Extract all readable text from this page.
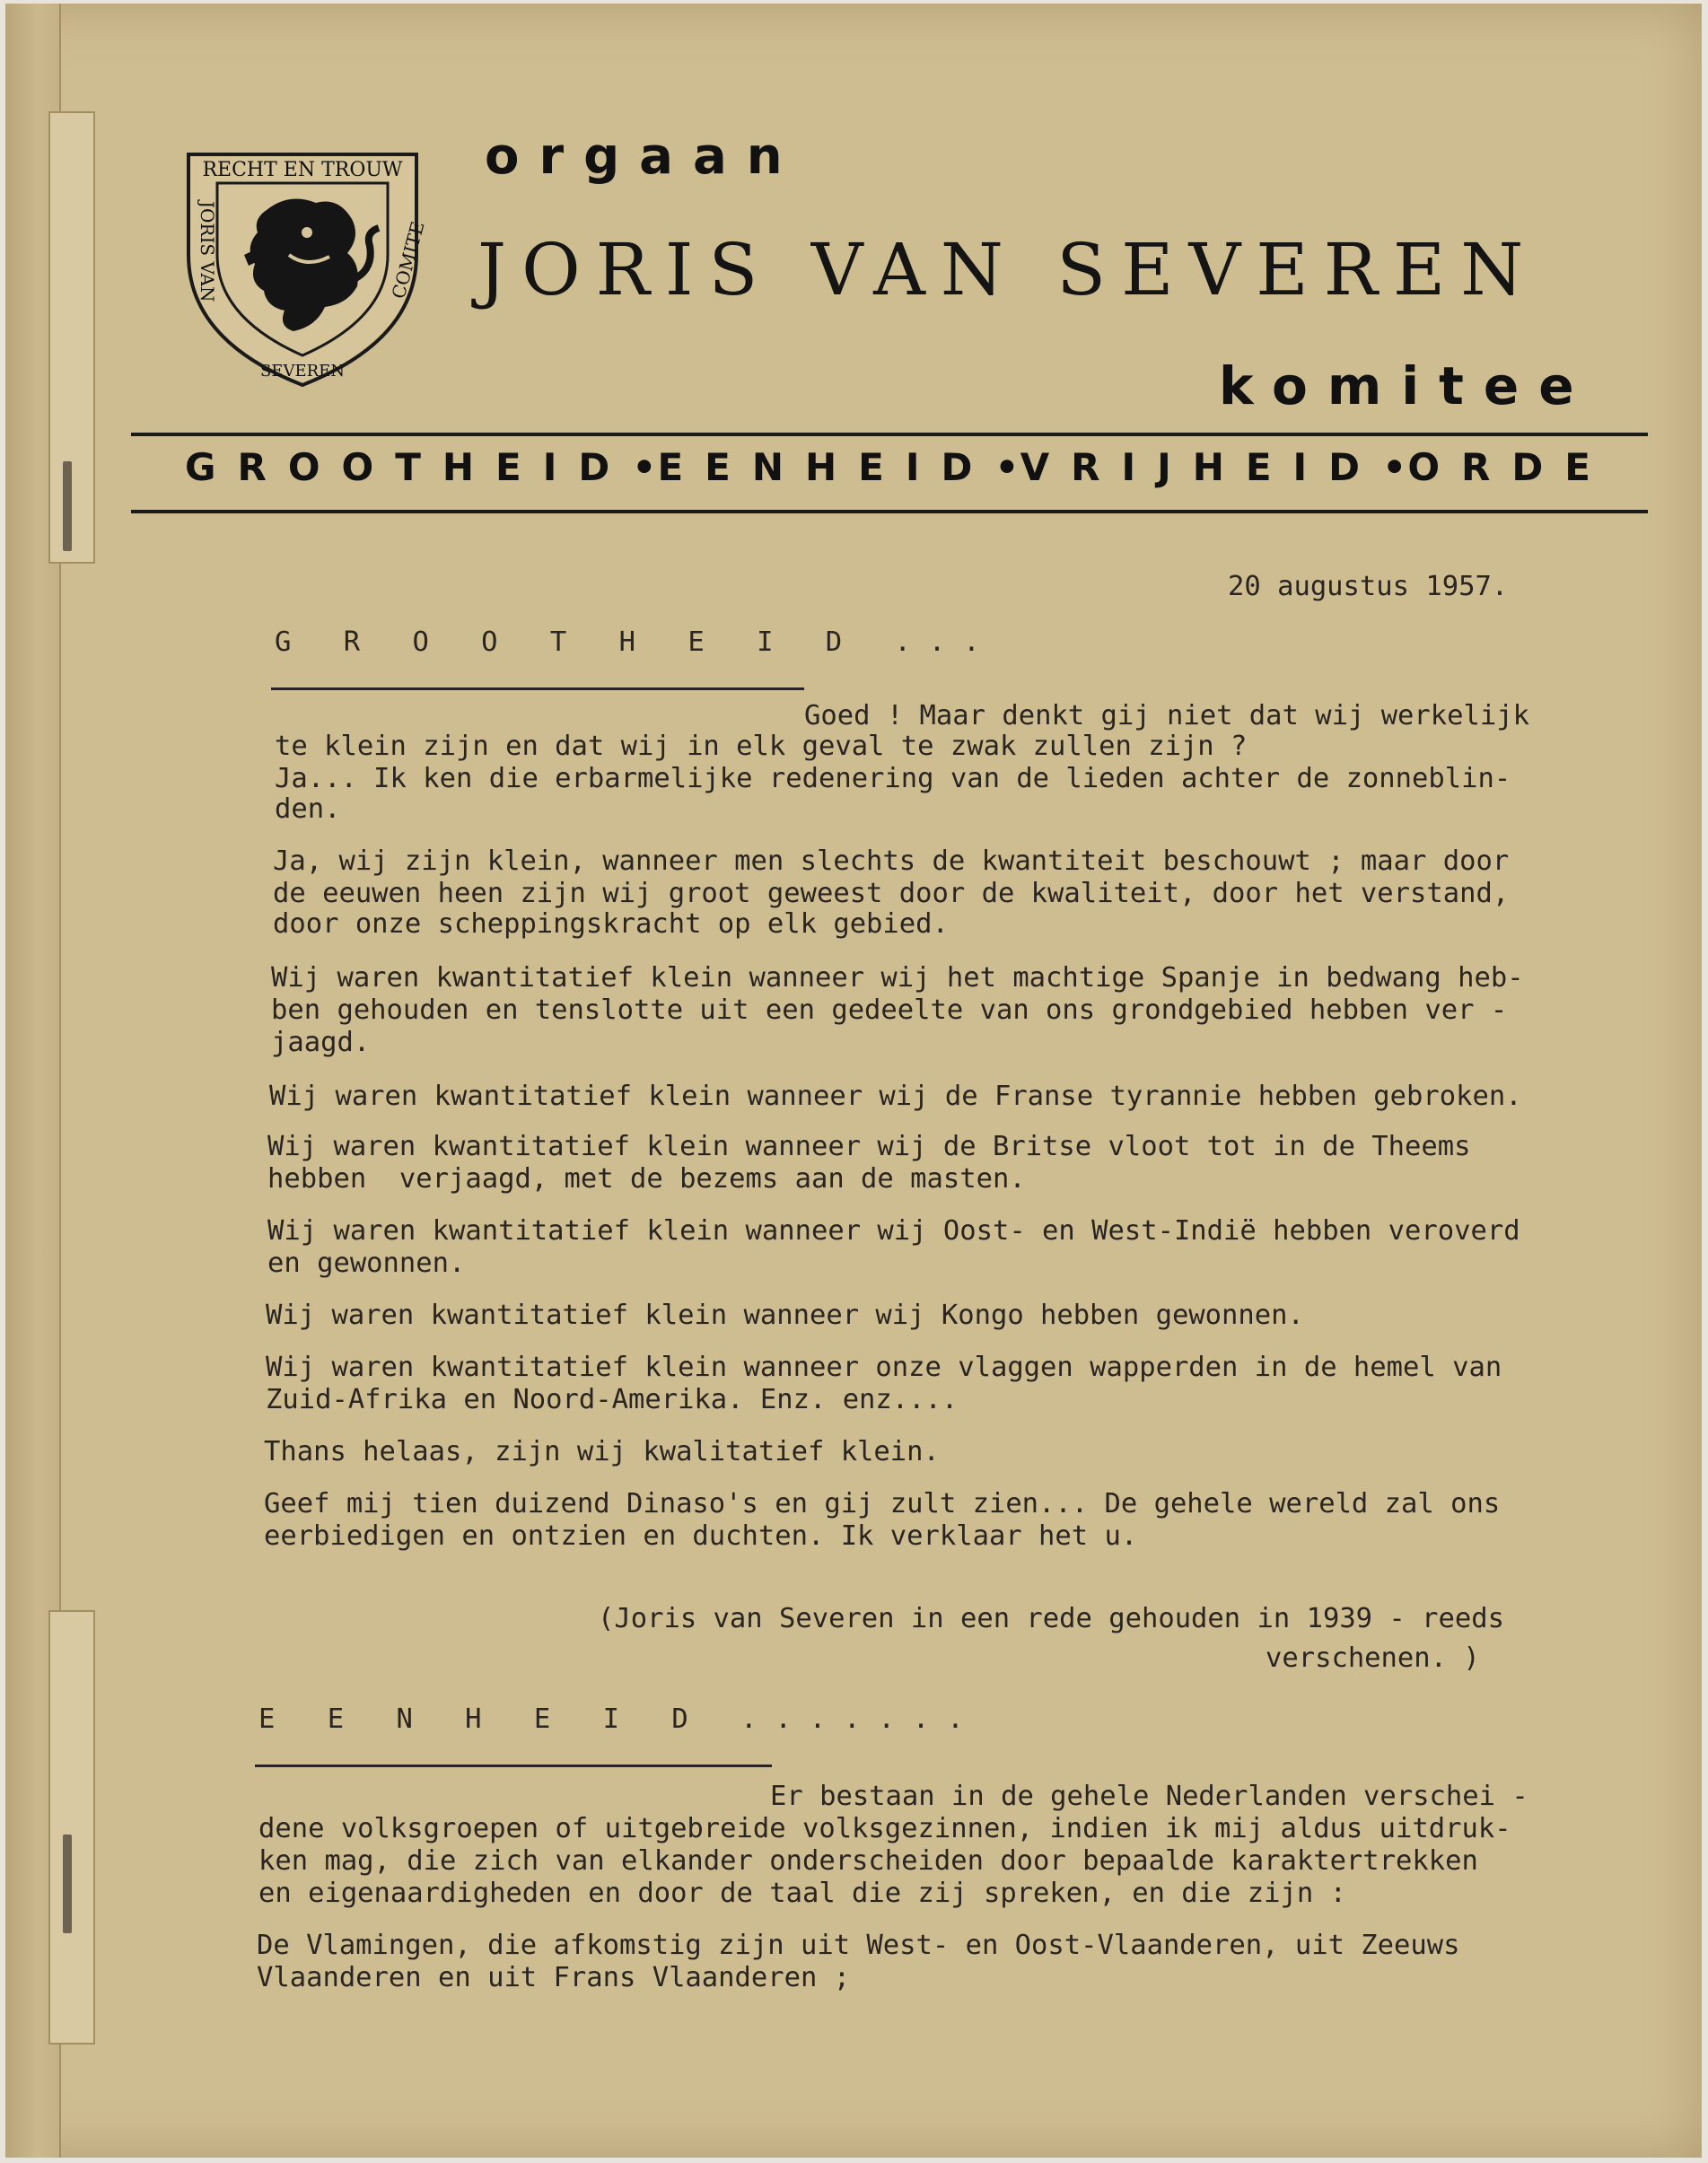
RECHT EN TROUW
JORIS VAN	COMITE
SEVEREN
orgaan
JORIS VAN SEVEREN
komitee
GROOTHEID • EENHEID • VRIJHEID • ORDE
20 augustus 1957.
G R O O T H E I D ...
Goed ! Maar denkt gij niet dat wij werkelijk
te klein zijn en dat wij in elk geval te zwak zullen zijn ?
Ja... Ik ken die erbarmelijke redenering van de lieden achter de zonneblin-
den.
Ja, wij zijn klein, wanneer men slechts de kwantiteit beschouwt ; maar door
de eeuwen heen zijn wij groot geweest door de kwaliteit, door het verstand,
door onze scheppingskracht op elk gebied.
Wij waren kwantitatief klein wanneer wij het machtige Spanje in bedwang heb-
ben gehouden en tenslotte uit een gedeelte van ons grondgebied hebben ver -
jaagd.
Wij waren kwantitatief klein wanneer wij de Franse tyrannie hebben gebroken.
Wij waren kwantitatief klein wanneer wij de Britse vloot tot in de Theems
hebben  verjaagd, met de bezems aan de masten.
Wij waren kwantitatief klein wanneer wij Oost- en West-Indië hebben veroverd
en gewonnen.
Wij waren kwantitatief klein wanneer wij Kongo hebben gewonnen.
Wij waren kwantitatief klein wanneer onze vlaggen wapperden in de hemel van
Zuid-Afrika en Noord-Amerika. Enz. enz....
Thans helaas, zijn wij kwalitatief klein.
Geef mij tien duizend Dinaso's en gij zult zien... De gehele wereld zal ons
eerbiedigen en ontzien en duchten. Ik verklaar het u.
(Joris van Severen in een rede gehouden in 1939 - reeds
verschenen. )
E E N H E I D .......
Er bestaan in de gehele Nederlanden verschei -
dene volksgroepen of uitgebreide volksgezinnen, indien ik mij aldus uitdruk-
ken mag, die zich van elkander onderscheiden door bepaalde karaktertrekken
en eigenaardigheden en door de taal die zij spreken, en die zijn :
De Vlamingen, die afkomstig zijn uit West- en Oost-Vlaanderen, uit Zeeuws
Vlaanderen en uit Frans Vlaanderen ;
